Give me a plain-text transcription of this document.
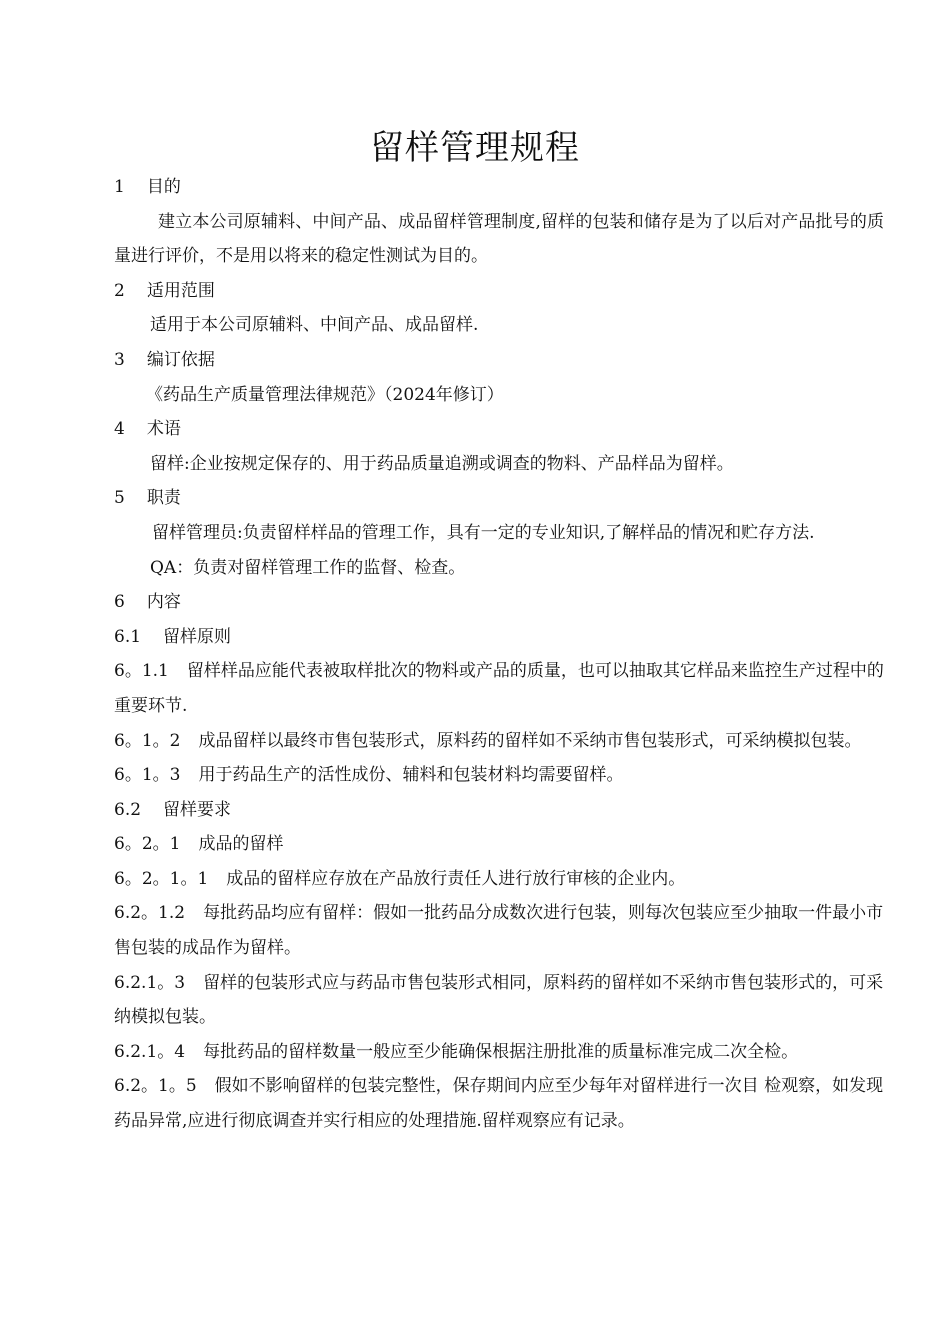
留样管理规程

1 目的

建立本公司原辅料、中间产品、成品留样管理制度,留样的包装和储存是为了以后对产品批号的质量进行评价，不是用以将来的稳定性测试为目的。

2 适用范围

适用于本公司原辅料、中间产品、成品留样.

3 编订依据

《药品生产质量管理法律规范》（2024年修订）

4 术语

留样:企业按规定保存的、用于药品质量追溯或调查的物料、产品样品为留样。

5 职责

留样管理员:负责留样样品的管理工作，具有一定的专业知识,了解样品的情况和贮存方法.

QA：负责对留样管理工作的监督、检查。

6 内容

6.1 留样原则

6。1.1 留样样品应能代表被取样批次的物料或产品的质量，也可以抽取其它样品来监控生产过程中的重要环节.

6。1。2 成品留样以最终市售包装形式，原料药的留样如不采纳市售包装形式，可采纳模拟包装。

6。1。3 用于药品生产的活性成份、辅料和包装材料均需要留样。

6.2 留样要求

6。2。1 成品的留样

6。2。1。1 成品的留样应存放在产品放行责任人进行放行审核的企业内。

6.2。1.2 每批药品均应有留样：假如一批药品分成数次进行包装，则每次包装应至少抽取一件最小市售包装的成品作为留样。

6.2.1。3 留样的包装形式应与药品市售包装形式相同，原料药的留样如不采纳市售包装形式的，可采纳模拟包装。

6.2.1。4 每批药品的留样数量一般应至少能确保根据注册批准的质量标准完成二次全检。

6.2。1。5 假如不影响留样的包装完整性，保存期间内应至少每年对留样进行一次目 检观察，如发现药品异常,应进行彻底调查并实行相应的处理措施.留样观察应有记录。
